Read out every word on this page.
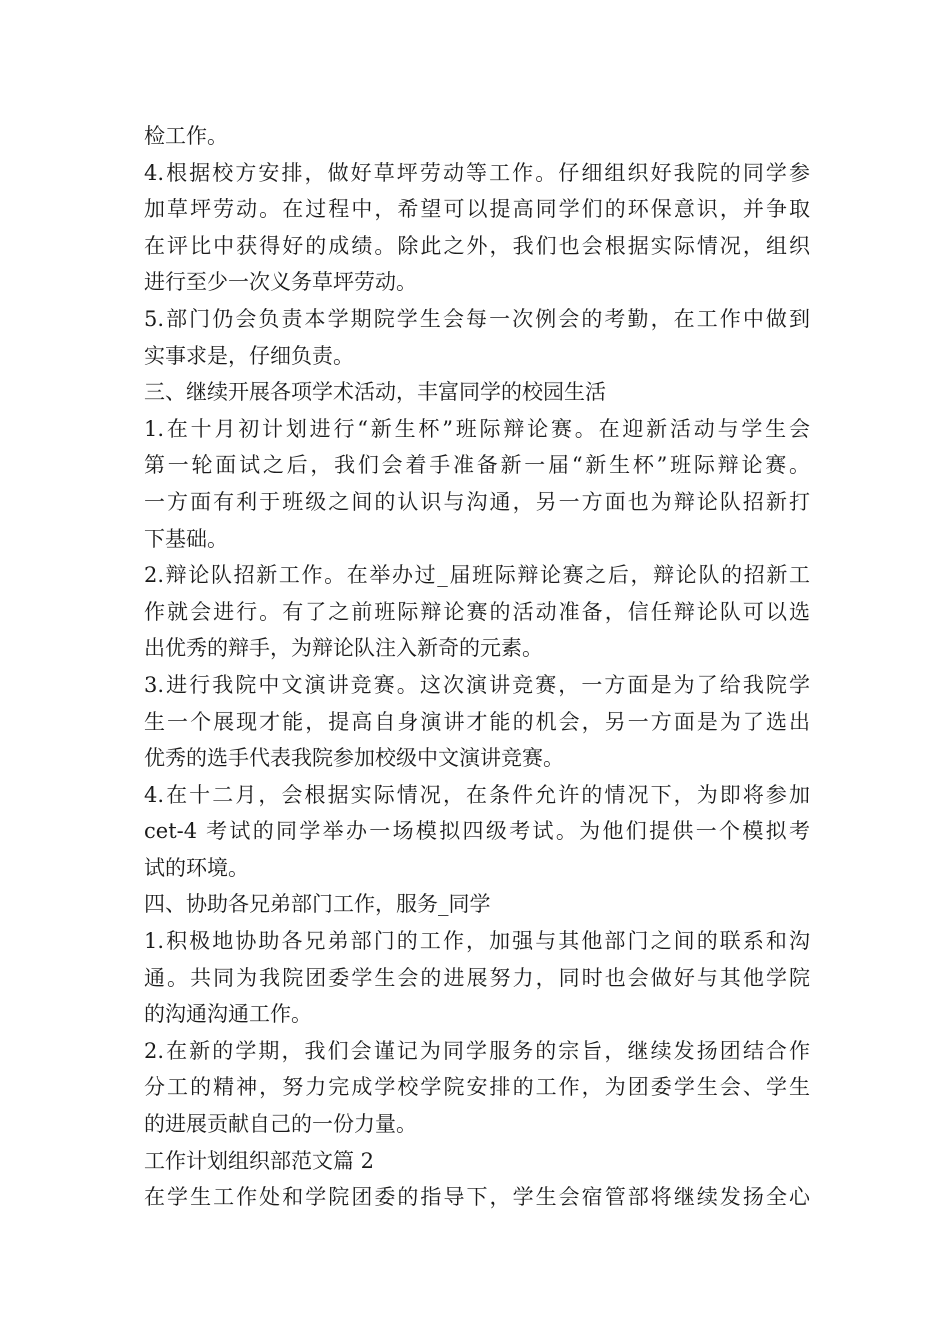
检工作。
4.根据校方安排，做好草坪劳动等工作。仔细组织好我院的同学参
加草坪劳动。在过程中，希望可以提高同学们的环保意识，并争取
在评比中获得好的成绩。除此之外，我们也会根据实际情况，组织
进行至少一次义务草坪劳动。
5.部门仍会负责本学期院学生会每一次例会的考勤，在工作中做到
实事求是，仔细负责。
三、继续开展各项学术活动，丰富同学的校园生活
1.在十月初计划进行“新生杯”班际辩论赛。在迎新活动与学生会
第一轮面试之后，我们会着手准备新一届“新生杯”班际辩论赛。
一方面有利于班级之间的认识与沟通，另一方面也为辩论队招新打
下基础。
2.辩论队招新工作。在举办过_届班际辩论赛之后，辩论队的招新工
作就会进行。有了之前班际辩论赛的活动准备，信任辩论队可以选
出优秀的辩手，为辩论队注入新奇的元素。
3.进行我院中文演讲竞赛。这次演讲竞赛，一方面是为了给我院学
生一个展现才能，提高自身演讲才能的机会，另一方面是为了选出
优秀的选手代表我院参加校级中文演讲竞赛。
4.在十二月，会根据实际情况，在条件允许的情况下，为即将参加
cet-4 考试的同学举办一场模拟四级考试。为他们提供一个模拟考
试的环境。
四、协助各兄弟部门工作，服务_同学
1.积极地协助各兄弟部门的工作，加强与其他部门之间的联系和沟
通。共同为我院团委学生会的进展努力，同时也会做好与其他学院
的沟通沟通工作。
2.在新的学期，我们会谨记为同学服务的宗旨，继续发扬团结合作
分工的精神，努力完成学校学院安排的工作，为团委学生会、学生
的进展贡献自己的一份力量。
工作计划组织部范文篇 2
在学生工作处和学院团委的指导下，学生会宿管部将继续发扬全心
